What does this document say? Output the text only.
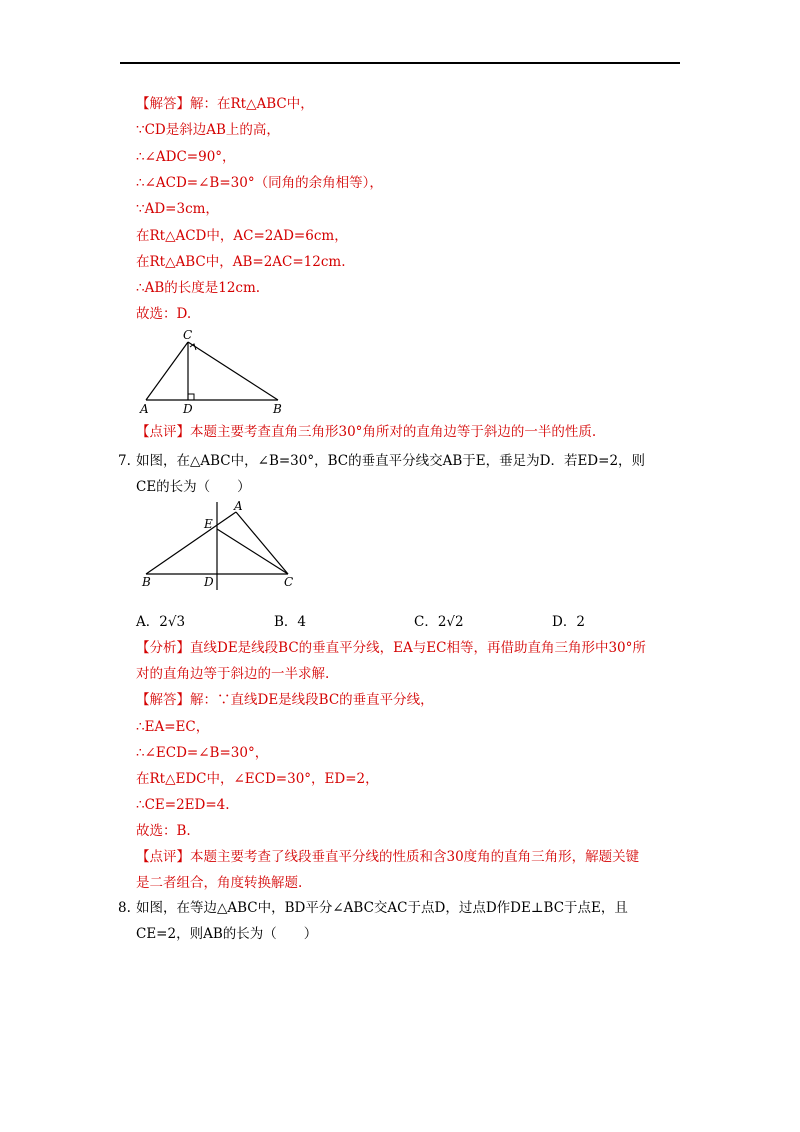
【解答】解：在Rt△ABC中，
∵CD是斜边AB上的高，
∴∠ADC=90°，
∴∠ACD=∠B=30°（同角的余角相等），
∵AD=3cm，
在Rt△ACD中，AC=2AD=6cm，
在Rt△ABC中，AB=2AC=12cm.
∴AB的长度是12cm.
故选：D.
C
A	D	B
【点评】本题主要考查直角三角形30°角所对的直角边等于斜边的一半的性质.
7. 如图，在△ABC中，∠B=30°，BC的垂直平分线交AB于E，垂足为D．若ED=2，则
CE的长为（　　）
A
E
B	D	C
A．2√3	B．4	C．2√2	D．2
【分析】直线DE是线段BC的垂直平分线，EA与EC相等，再借助直角三角形中30°所
对的直角边等于斜边的一半求解.
【解答】解：∵直线DE是线段BC的垂直平分线，
∴EA=EC，
∴∠ECD=∠B=30°，
在Rt△EDC中，∠ECD=30°，ED=2，
∴CE=2ED=4.
故选：B.
【点评】本题主要考查了线段垂直平分线的性质和含30度角的直角三角形，解题关键
是二者组合，角度转换解题.
8. 如图，在等边△ABC中，BD平分∠ABC交AC于点D，过点D作DE⊥BC于点E，且
CE=2，则AB的长为（　　）
